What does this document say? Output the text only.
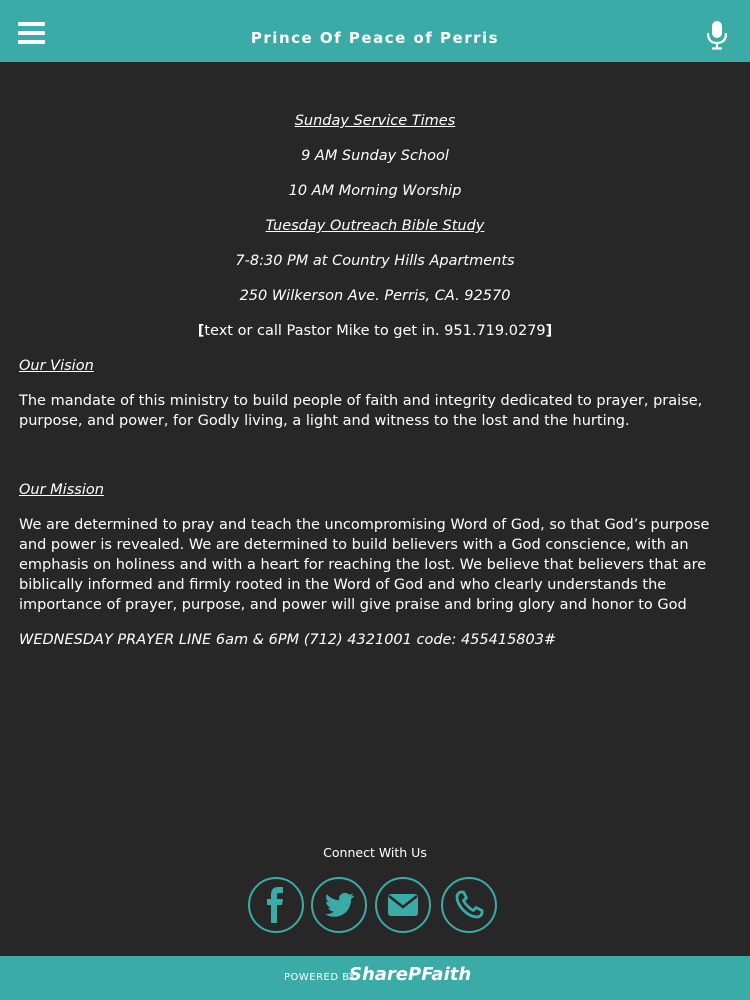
Prince Of Peace of Perris

Sunday Service Times

9 AM Sunday School

10 AM Morning Worship

Tuesday Outreach Bible Study

7-8:30 PM at Country Hills Apartments

250 Wilkerson Ave. Perris, CA. 92570

[text or call Pastor Mike to get in. 951.719.0279]

Our Vision

The mandate of this ministry to build people of faith and integrity dedicated to prayer, praise, purpose, and power, for Godly living, a light and witness to the lost and the hurting.

Our Mission

We are determined to pray and teach the uncompromising Word of God, so that God’s purpose and power is revealed. We are determined to build believers with a God conscience, with an emphasis on holiness and with a heart for reaching the lost. We believe that believers that are biblically informed and firmly rooted in the Word of God and who clearly understands the importance of prayer, purpose, and power will give praise and bring glory and honor to God

WEDNESDAY PRAYER LINE 6am & 6PM (712) 4321001 code: 455415803#

Connect With Us
POWERED BY
SharePFaith
